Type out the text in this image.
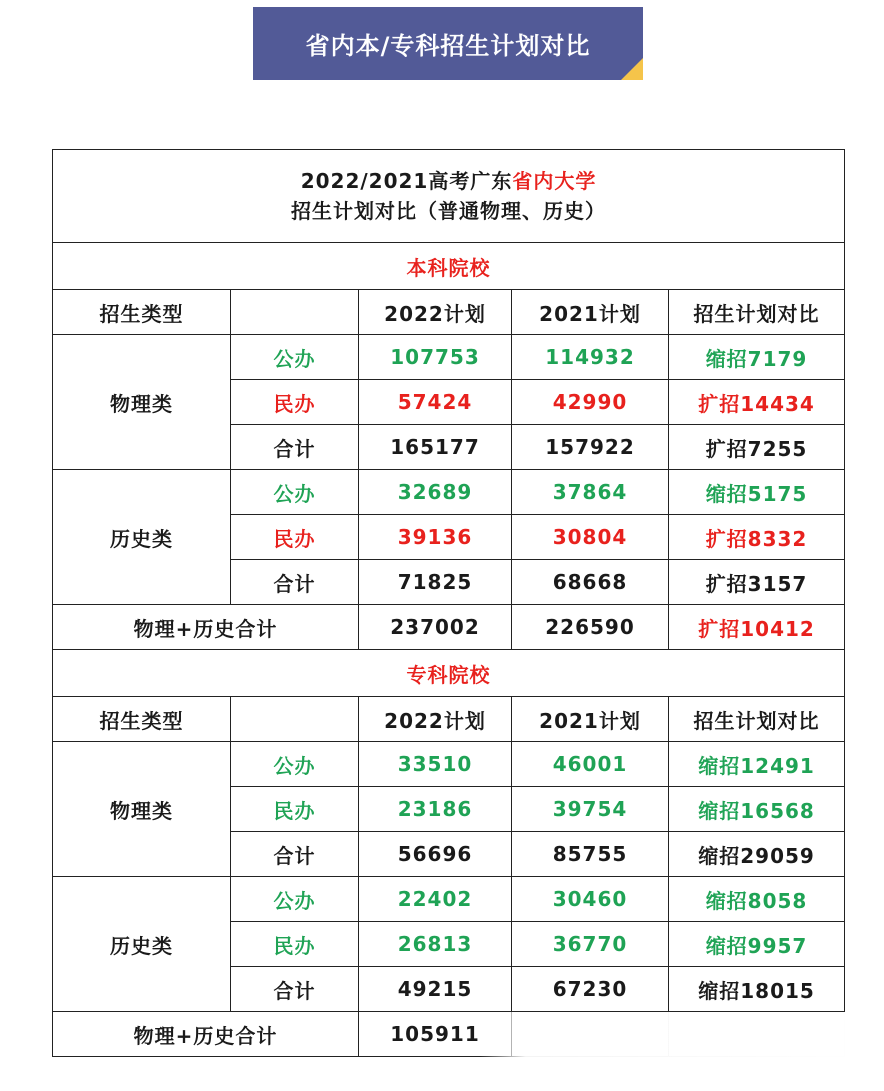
省内本/专科招生计划对比
2022/2021高考广东省内大学
招生计划对比（普通物理、历史）				
本科院校				
招生类型		2022计划	2021计划	招生计划对比
物理类	公办	107753	114932	缩招7179
	民办	57424	42990	扩招14434
	合计	165177	157922	扩招7255
历史类	公办	32689	37864	缩招5175
	民办	39136	30804	扩招8332
	合计	71825	68668	扩招3157
物理+历史合计		237002	226590	扩招10412
专科院校				
招生类型		2022计划	2021计划	招生计划对比
物理类	公办	33510	46001	缩招12491
	民办	23186	39754	缩招16568
	合计	56696	85755	缩招29059
历史类	公办	22402	30460	缩招8058
	民办	26813	36770	缩招9957
	合计	49215	67230	缩招18015
物理+历史合计		105911		
